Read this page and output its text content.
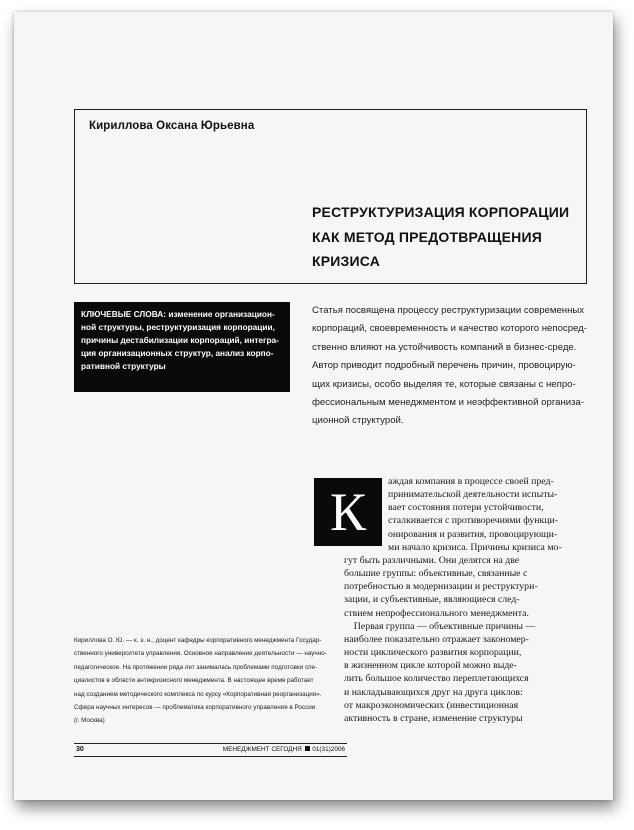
Кириллова Оксана Юрьевна
РЕСТРУКТУРИЗАЦИЯ КОРПОРАЦИИ
КАК МЕТОД ПРЕДОТВРАЩЕНИЯ
КРИЗИСА
КЛЮЧЕВЫЕ СЛОВА: изменение организацион-
ной структуры, реструктуризация корпорации,
причины дестабилизации корпораций, интегра-
ция организационных структур, анализ корпо-
ративной структуры
Статья посвящена процессу реструктуризации современных
корпораций, своевременность и качество которого непосред-
ственно влияют на устойчивость компаний в бизнес-среде.
Автор приводит подробный перечень причин, провоцирую-
щих кризисы, особо выделяя те, которые связаны с непро-
фессиональным менеджментом и неэффективной организа-
ционной структурой.
К
аждая компания в процессе своей пред-
принимательской деятельности испыты-
вает состояния потери устойчивости,
сталкивается с противоречиями функци-
онирования и развития, провоцирующи-
ми начало кризиса. Причины кризиса мо-
гут быть различными. Они делятся на две
большие группы: объективные, связанные с
потребностью в модернизации и реструктури-
зации, и субъективные, являющиеся след-
ствием непрофессионального менеджмента.
Первая группа — объективные причины —
наиболее показательно отражает закономер-
ности циклического развития корпорации,
в жизненном цикле которой можно выде-
лить большое количество переплетающихся
и накладывающихся друг на друга циклов:
от макроэкономических (инвестиционная
активность в стране, изменение структуры
Кириллова О. Ю. — к. э. н., доцент кафедры корпоративного менеджмента Государ-
ственного университета управления. Основное направление деятельности — научно-
педагогическое. На протяжении ряда лет занималась проблемами подготовки спе-
циалистов в области антикризисного менеджмента. В настоящее время работает
над созданием методического комплекса по курсу «Корпоративная реорганизация».
Сфера научных интересов — проблематика корпоративного управления в России
(г. Москва)
30	МЕНЕДЖМЕНТ СЕГОДНЯ 01(31)2006
